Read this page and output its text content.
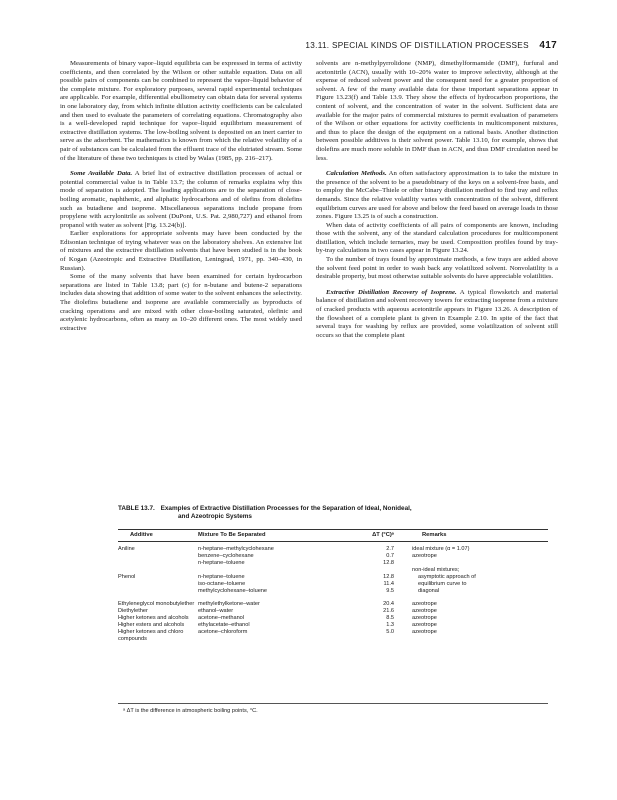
13.11. SPECIAL KINDS OF DISTILLATION PROCESSES 417

Measurements of binary vapor–liquid equilibria can be expressed in terms of activity coefficients, and then correlated by the Wilson or other suitable equation. Data on all possible pairs of components can be combined to represent the vapor–liquid behavior of the complete mixture. For exploratory purposes, several rapid experimental techniques are applicable. For example, differential ebulliometry can obtain data for several systems in one laboratory day, from which infinite dilution activity coefficients can be calculated and then used to evaluate the parameters of correlating equations. Chromatography also is a well-developed rapid technique for vapor–liquid equilibrium measurement of extractive distillation systems. The low-boiling solvent is deposited on an inert carrier to serve as the adsorbent. The mathematics is known from which the relative volatility of a pair of substances can be calculated from the effluent trace of the elutriated stream. Some of the literature of these two techniques is cited by Walas (1985, pp. 216–217).

Some Available Data. A brief list of extractive distillation processes of actual or potential commercial value is in Table 13.7; the column of remarks explains why this mode of separation is adopted. The leading applications are to the separation of close-boiling aromatic, naphthenic, and aliphatic hydrocarbons and of olefins from diolefins such as butadiene and isoprene. Miscellaneous separations include propane from propylene with acrylonitrile as solvent (DuPont, U.S. Pat. 2,980,727) and ethanol from propanol with water as solvent [Fig. 13.24(b)].

Earlier explorations for appropriate solvents may have been conducted by the Edisonian technique of trying whatever was on the laboratory shelves. An extensive list of mixtures and the extractive distillation solvents that have been studied is in the book of Kogan (Azeotropic and Extractive Distillation, Leningrad, 1971, pp. 340–430, in Russian).

Some of the many solvents that have been examined for certain hydrocarbon separations are listed in Table 13.8; part (c) for n-butane and butene-2 separations includes data showing that addition of some water to the solvent enhances the selectivity. The diolefins butadiene and isoprene are available commercially as byproducts of cracking operations and are mixed with other close-boiling saturated, olefinic and acetylenic hydrocarbons, often as many as 10–20 different ones. The most widely used extractive

solvents are n-methylpyrrolidone (NMP), dimethylformamide (DMF), furfural and acetonitrile (ACN), usually with 10–20% water to improve selectivity, although at the expense of reduced solvent power and the consequent need for a greater proportion of solvent. A few of the many available data for these important separations appear in Figure 13.23(f) and Table 13.9. They show the effects of hydrocarbon proportions, the content of solvent, and the concentration of water in the solvent. Sufficient data are available for the major pairs of commercial mixtures to permit evaluation of parameters of the Wilson or other equations for activity coefficients in multicomponent mixtures, and thus to place the design of the equipment on a rational basis. Another distinction between possible additives is their solvent power. Table 13.10, for example, shows that diolefins are much more soluble in DMF than in ACN, and thus DMF circulation need be less.

Calculation Methods. An often satisfactory approximation is to take the mixture in the presence of the solvent to be a pseudobinary of the keys on a solvent-free basis, and to employ the McCabe–Thiele or other binary distillation method to find tray and reflux demands. Since the relative volatility varies with concentration of the solvent, different equilibrium curves are used for above and below the feed based on average loads in those zones. Figure 13.25 is of such a construction.

When data of activity coefficients of all pairs of components are known, including those with the solvent, any of the standard calculation procedures for multicomponent distillation, which include ternaries, may be used. Composition profiles found by tray-by-tray calculations in two cases appear in Figure 13.24.

To the number of trays found by approximate methods, a few trays are added above the solvent feed point in order to wash back any volatilized solvent. Nonvolatility is a desirable property, but most otherwise suitable solvents do have appreciable volatilities.

Extractive Distillation Recovery of Isoprene. A typical flowsketch and material balance of distillation and solvent recovery towers for extracting isoprene from a mixture of cracked products with aqueous acetonitrile appears in Figure 13.26. A description of the flowsheet of a complete plant is given in Example 2.10. In spite of the fact that several trays for washing by reflux are provided, some volatilization of solvent still occurs so that the complete plant

TABLE 13.7. Examples of Extractive Distillation Processes for the Separation of Ideal, Nonideal,
and Azeotropic Systems
Additive	Mixture To Be Separated	ΔT (°C)ᵃ	Remarks

Aniline	n-heptane–methylcyclohexane	2.7	ideal mixture (α = 1.07)
	benzene–cyclohexane	0.7	azeotrope
	n-heptane–toluene	12.8	
			non-ideal mixtures;
Phenol	n-heptane–toluene	12.8	asymptotic approach of
	iso-octane–toluene	11.4	equilibrium curve to
	methylcyclohexane–toluene	9.5	diagonal
Ethyleneglycol monobutylether	methylethylketone–water	20.4	azeotrope
Diethylether	ethanol–water	21.6	azeotrope
Higher ketones and alcohols	acetone–methanol	8.5	azeotrope
Higher esters and alcohols	ethylacetate–ethanol	1.3	azeotrope
Higher ketones and chloro compounds	acetone–chloroform	5.0	azeotrope
ᵃ ΔT is the difference in atmospheric boiling points, °C.
